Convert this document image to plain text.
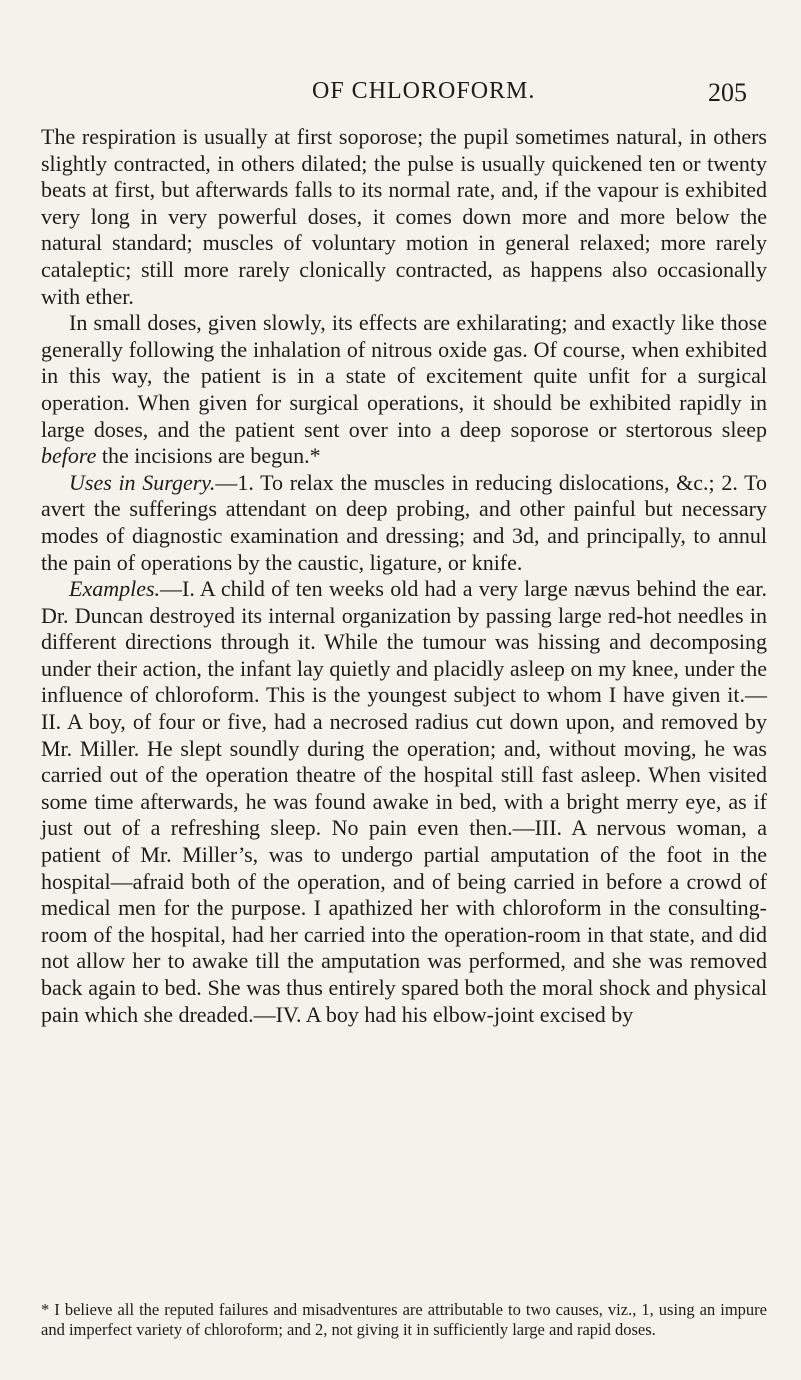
OF CHLOROFORM.	205

The respiration is usually at first soporose; the pupil sometimes natural, in others slightly contracted, in others dilated; the pulse is usually quickened ten or twenty beats at first, but afterwards falls to its normal rate, and, if the vapour is exhibited very long in very powerful doses, it comes down more and more below the natural standard; muscles of voluntary motion in general relaxed; more rarely cataleptic; still more rarely clonically contracted, as happens also occasionally with ether.

In small doses, given slowly, its effects are exhilarating; and exactly like those generally following the inhalation of nitrous oxide gas. Of course, when exhibited in this way, the patient is in a state of excitement quite unfit for a surgical operation. When given for surgical operations, it should be exhibited rapidly in large doses, and the patient sent over into a deep soporose or stertorous sleep before the incisions are begun.*

Uses in Surgery.—1. To relax the muscles in reducing dislocations, &c.; 2. To avert the sufferings attendant on deep probing, and other painful but necessary modes of diagnostic examination and dressing; and 3d, and principally, to annul the pain of operations by the caustic, ligature, or knife.

Examples.—I. A child of ten weeks old had a very large nævus behind the ear. Dr. Duncan destroyed its internal organization by passing large red-hot needles in different directions through it. While the tumour was hissing and decomposing under their action, the infant lay quietly and placidly asleep on my knee, under the influence of chloroform. This is the youngest subject to whom I have given it.—II. A boy, of four or five, had a necrosed radius cut down upon, and removed by Mr. Miller. He slept soundly during the operation; and, without moving, he was carried out of the operation theatre of the hospital still fast asleep. When visited some time afterwards, he was found awake in bed, with a bright merry eye, as if just out of a refreshing sleep. No pain even then.—III. A nervous woman, a patient of Mr. Miller’s, was to undergo partial amputation of the foot in the hospital—afraid both of the operation, and of being carried in before a crowd of medical men for the purpose. I apathized her with chloroform in the consulting-room of the hospital, had her carried into the operation-room in that state, and did not allow her to awake till the amputation was performed, and she was removed back again to bed. She was thus entirely spared both the moral shock and physical pain which she dreaded.—IV. A boy had his elbow-joint excised by

* I believe all the reputed failures and misadventures are attributable to two causes, viz., 1, using an impure and imperfect variety of chloroform; and 2, not giving it in sufficiently large and rapid doses.
